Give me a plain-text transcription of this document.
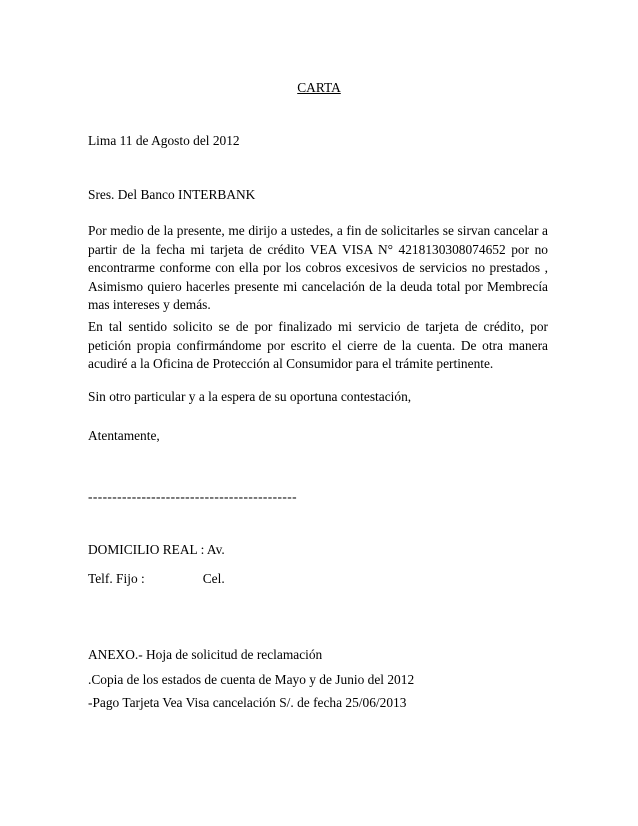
CARTA
Lima 11 de Agosto del 2012
Sres. Del Banco INTERBANK
Por medio de la presente, me dirijo a ustedes, a fin de solicitarles se sirvan cancelar a partir de la fecha mi tarjeta de crédito VEA VISA N° 4218130308074652 por no encontrarme conforme con ella por los cobros excesivos de servicios no prestados , Asimismo quiero hacerles presente mi cancelación de la deuda total por Membrecía mas intereses y demás.
En tal sentido solicito se de por finalizado mi servicio de tarjeta de crédito, por petición propia confirmándome por escrito el cierre de la cuenta. De otra manera acudiré a la Oficina de Protección al Consumidor para el trámite pertinente.
Sin otro particular y a la espera de su oportuna contestación,
Atentamente,
-------------------------------------------
DOMICILIO REAL : Av.
Telf. Fijo :	Cel.
ANEXO.- Hoja de solicitud de reclamación
.Copia de los estados de cuenta de Mayo y de Junio del 2012
-Pago Tarjeta Vea Visa cancelación S/. de fecha 25/06/2013
